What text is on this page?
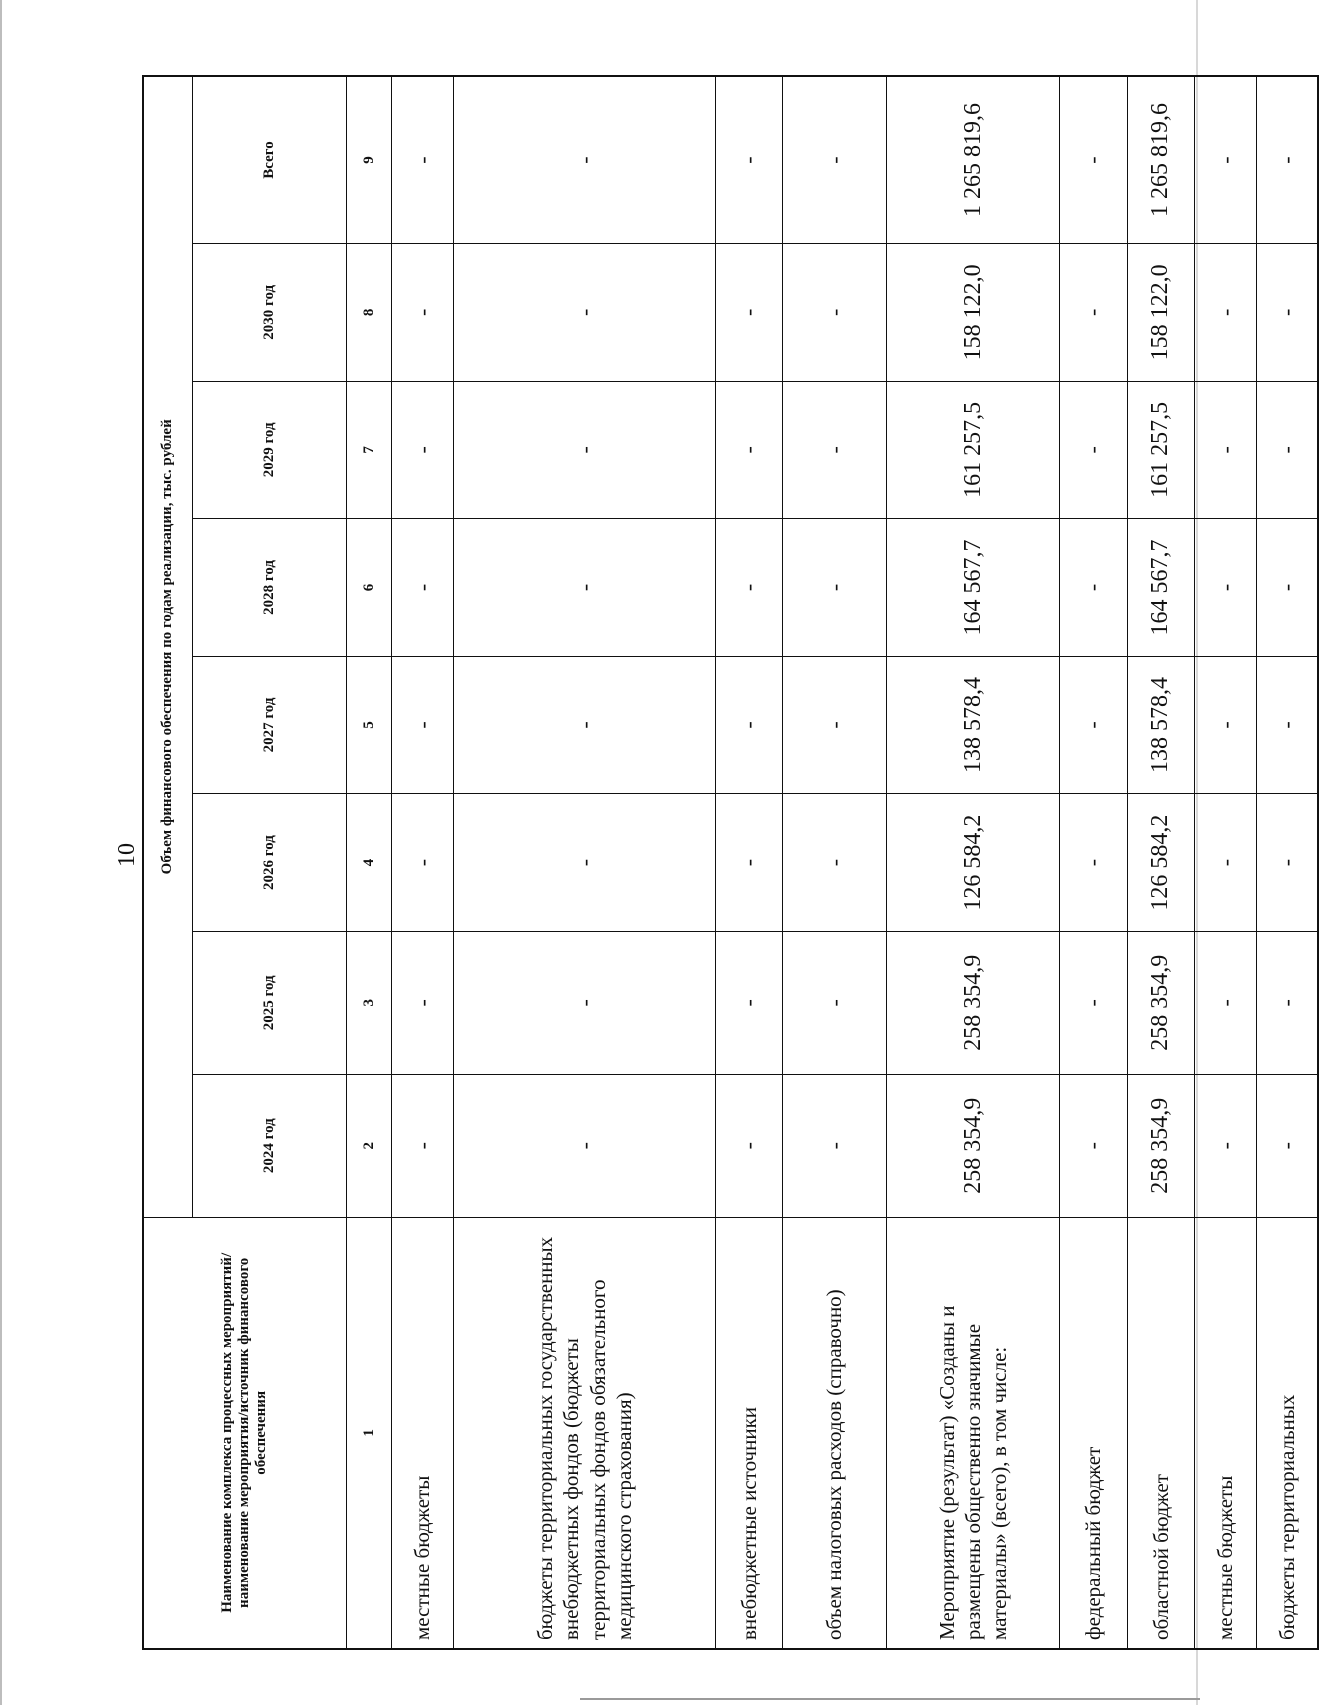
10
Наименование комплекса процессных мероприятий/наименование мероприятия/источник финансового обеспечения	Объем финансового обеспечения по годам реализации, тыс. рублей							
	2024 год	2025 год	2026 год	2027 год	2028 год	2029 год	2030 год	Всего
1	2	3	4	5	6	7	8	9
местные бюджеты	-	-	-	-	-	-	-	-
бюджеты территориальных государственных внебюджетных фондов (бюджеты территориальных фондов обязательного медицинского страхования)	-	-	-	-	-	-	-	-
внебюджетные источники	-	-	-	-	-	-	-	-
объем налоговых расходов (справочно)	-	-	-	-	-	-	-	-
Мероприятие (результат) «Созданы и размещены общественно значимые материалы» (всего), в том числе:	258 354,9	258 354,9	126 584,2	138 578,4	164 567,7	161 257,5	158 122,0	1 265 819,6
федеральный бюджет	-	-	-	-	-	-	-	-
областной бюджет	258 354,9	258 354,9	126 584,2	138 578,4	164 567,7	161 257,5	158 122,0	1 265 819,6
местные бюджеты	-	-	-	-	-	-	-	-
бюджеты территориальных	-	-	-	-	-	-	-	-
